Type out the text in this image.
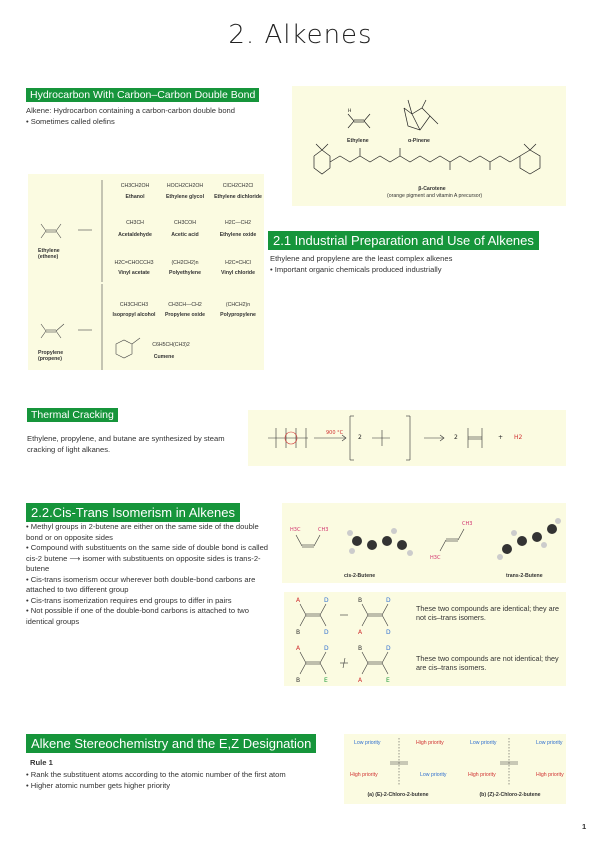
2. Alkenes
Hydrocarbon With Carbon–Carbon Double Bond
Alkene: Hydrocarbon containing a carbon-carbon double bond
• Sometimes called olefins
H
Ethylene	α-Pinene
β-Carotene
(orange pigment and vitamin A precursor)
Ethylene
(ethene)
Propylene
(propene)
CH3CH2OH
Ethanol
HOCH2CH2OH
Ethylene glycol
ClCH2CH2Cl
Ethylene dichloride
CH3CH
Acetaldehyde
CH3COH
Acetic acid
H2C—CH2
Ethylene oxide
H2C=CHOCCH3
Vinyl acetate
(CH2CH2)n
Polyethylene
H2C=CHCl
Vinyl chloride
CH3CHCH3
Isopropyl alcohol
CH3CH—CH2
Propylene oxide
(CHCH2)n
Polypropylene
C6H5CH(CH3)2
Cumene
2.1 Industrial Preparation and Use of Alkenes
Ethylene and propylene are the least complex alkenes
• Important organic chemicals produced industrially
Thermal Cracking
Ethylene, propylene, and butane are synthesized by steam cracking of light alkanes.
900 °C
2	2	+ H2
2.2.Cis-Trans Isomerism in Alkenes
• Methyl groups in 2-butene are either on the same side of the double bond or on opposite sides
• Compound with substituents on the same side of double bond is called cis-2 butene ⟶ isomer with substituents on opposite sides is trans-2-butene
• Cis-trans isomerism occur wherever both double-bond carbons are attached to two different group
• Cis-trans isomerization requires end groups to differ in pairs
• Not possible if one of the double-bond carbons is attached to two identical groups
H3C	CH3
CH3
H3C
cis-2-Butene	trans-2-Butene
A	D
B	D
B	D
A	D
A	D
B	E
B	D
A	E
These two compounds are identical; they are not cis–trans isomers.
These two compounds are not identical; they are cis–trans isomers.
Alkene Stereochemistry and the E,Z Designation
Rule 1
• Rank the substituent atoms according to the atomic number of the first atom
• Higher atomic number gets higher priority
Low priority	High priority
High priority	Low priority
Low priority	Low priority
High priority	High priority
(a) (E)-2-Chloro-2-butene	(b) (Z)-2-Chloro-2-butene
1
